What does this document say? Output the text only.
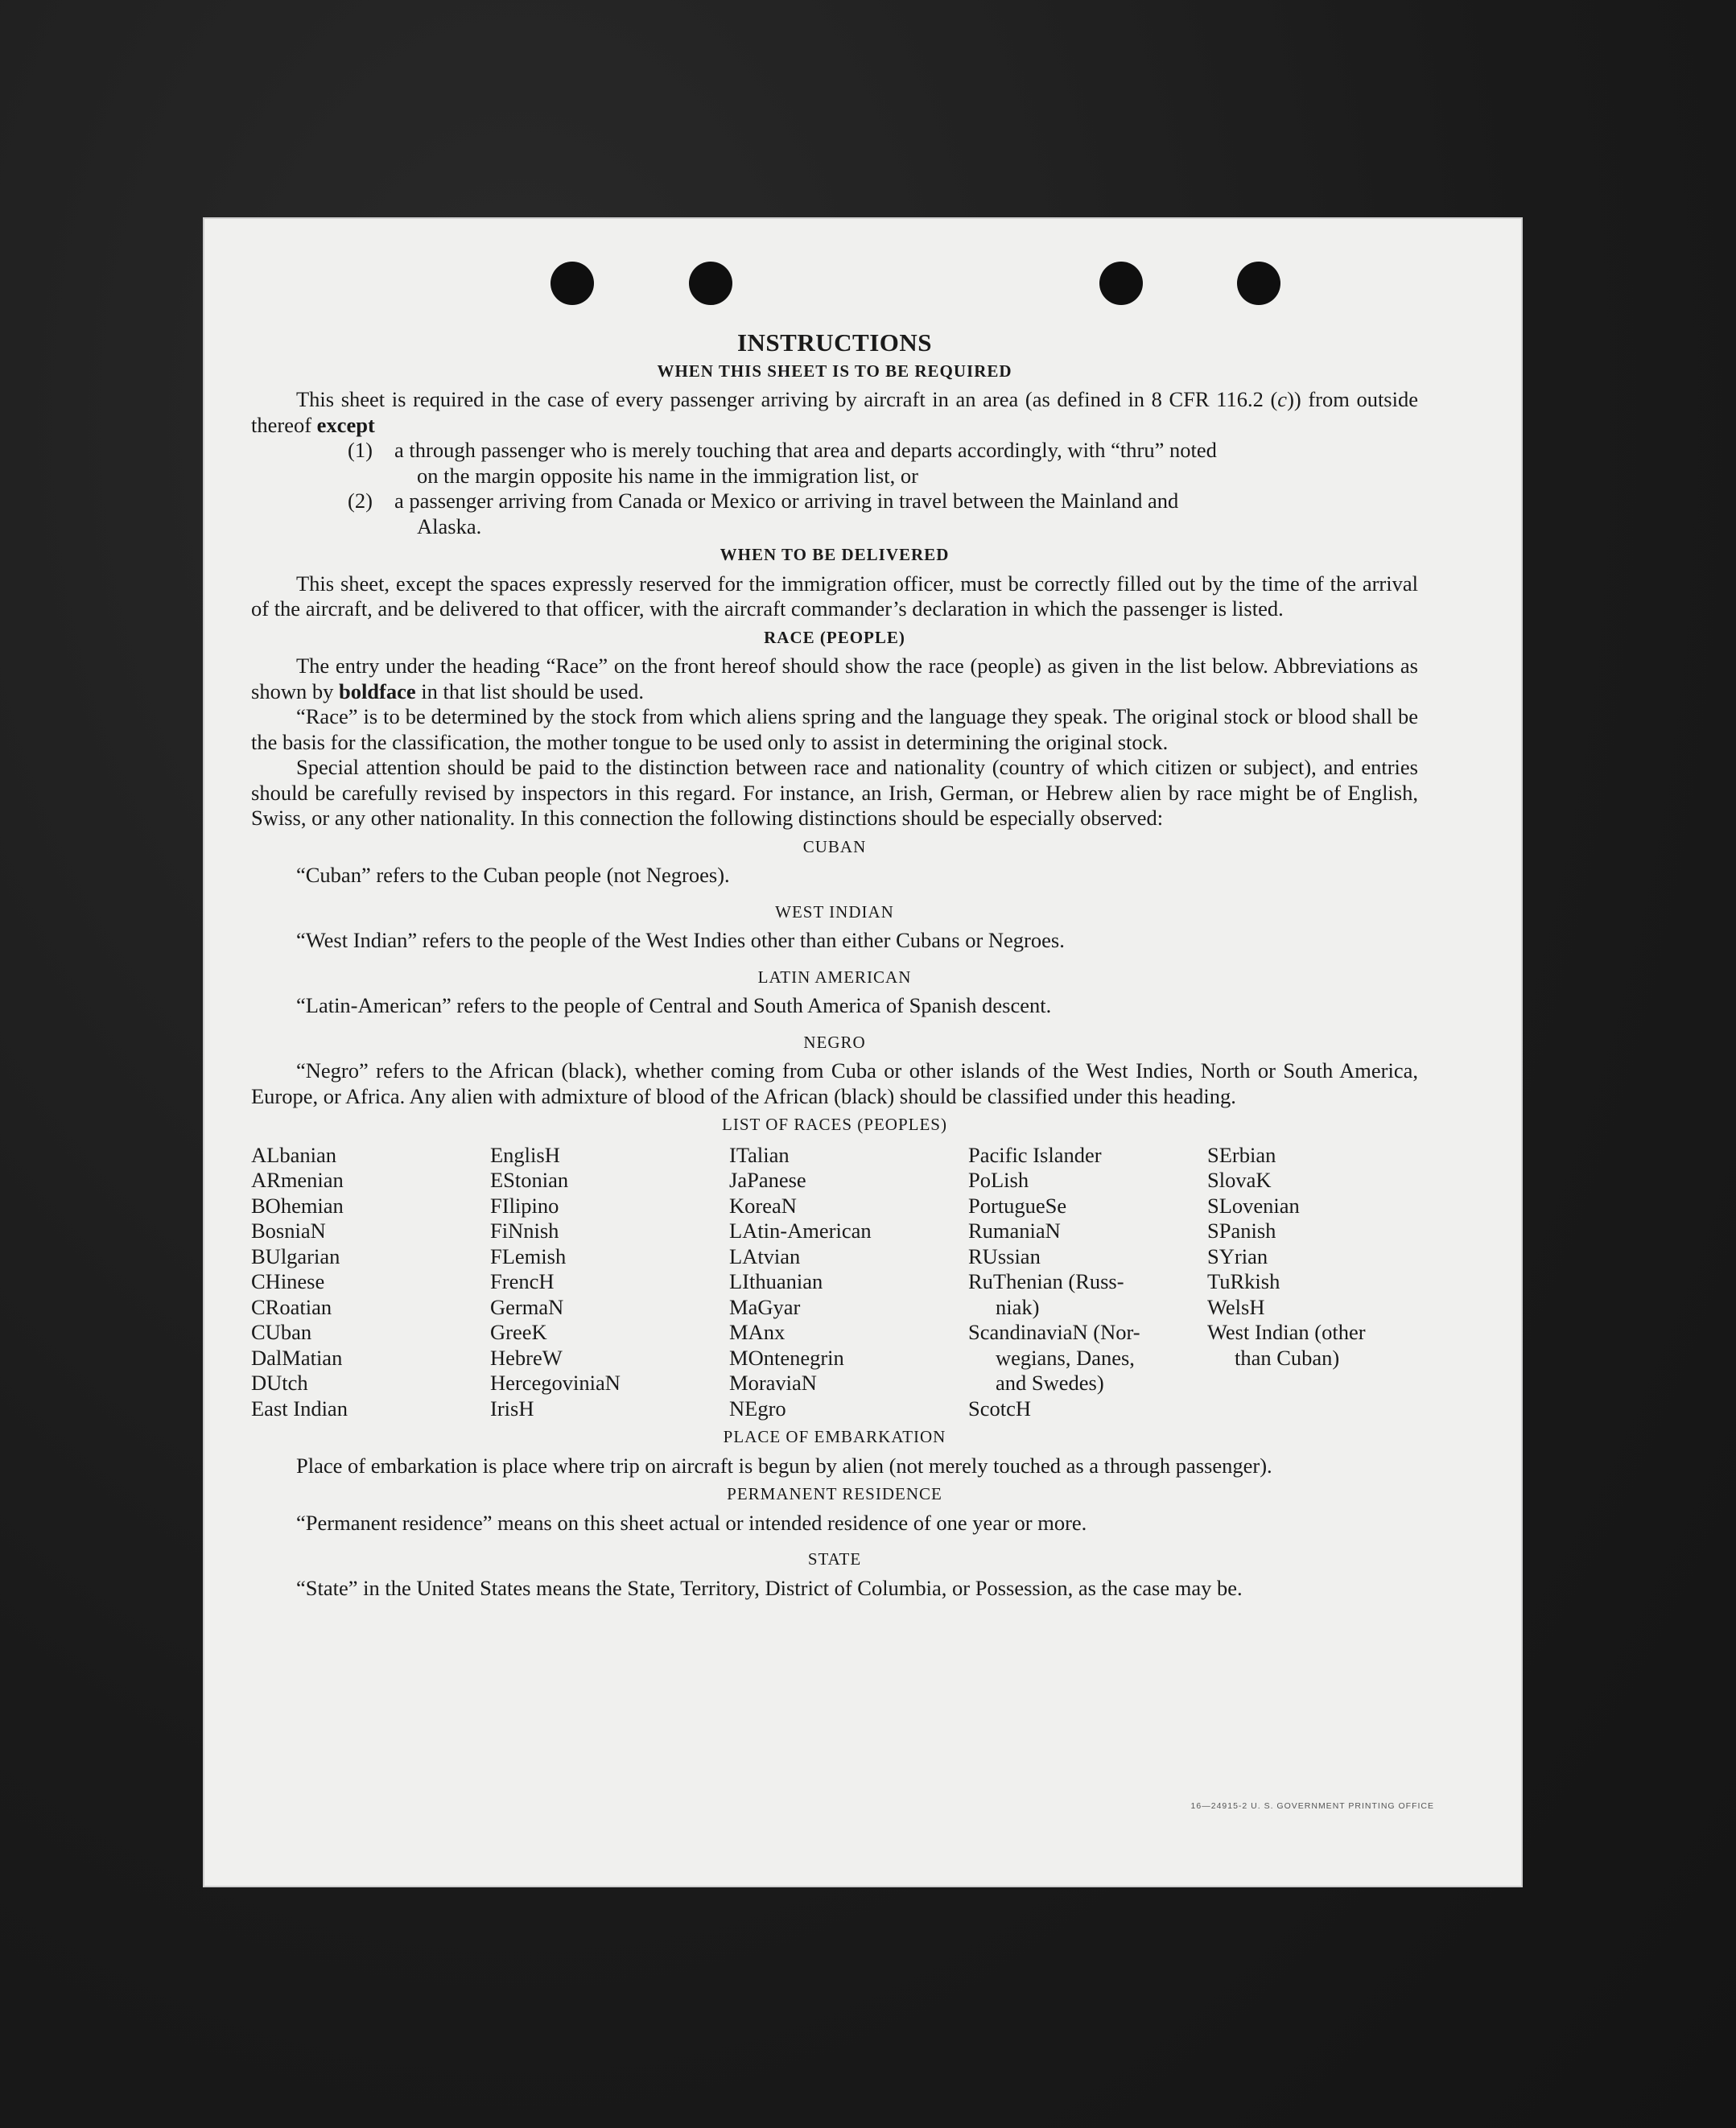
INSTRUCTIONS
WHEN THIS SHEET IS TO BE REQUIRED

This sheet is required in the case of every passenger arriving by aircraft in an area (as defined in 8 CFR 116.2 (c)) from outside thereof except

(1)	a through passenger who is merely touching that area and departs accordingly, with “thru” noted
on the margin opposite his name in the immigration list, or
(2)	a passenger arriving from Canada or Mexico or arriving in travel between the Mainland and
Alaska.
WHEN TO BE DELIVERED

This sheet, except the spaces expressly reserved for the immigration officer, must be correctly filled out by the time of the arrival of the aircraft, and be delivered to that officer, with the aircraft commander’s declaration in which the passenger is listed.

RACE (PEOPLE)

The entry under the heading “Race” on the front hereof should show the race (people) as given in the list below. Abbreviations as shown by boldface in that list should be used.

“Race” is to be determined by the stock from which aliens spring and the language they speak. The original stock or blood shall be the basis for the classification, the mother tongue to be used only to assist in determining the original stock.

Special attention should be paid to the distinction between race and nationality (country of which citizen or subject), and entries should be carefully revised by inspectors in this regard. For instance, an Irish, German, or Hebrew alien by race might be of English, Swiss, or any other nationality. In this connection the following distinctions should be especially observed:

CUBAN

“Cuban” refers to the Cuban people (not Negroes).

WEST INDIAN

“West Indian” refers to the people of the West Indies other than either Cubans or Negroes.

LATIN AMERICAN

“Latin-American” refers to the people of Central and South America of Spanish descent.

NEGRO

“Negro” refers to the African (black), whether coming from Cuba or other islands of the West Indies, North or South America, Europe, or Africa. Any alien with admixture of blood of the African (black) should be classified under this heading.

LIST OF RACES (PEOPLES)
ALbanian
ARmenian
BOhemian
BosniaN
BUlgarian
CHinese
CRoatian
CUban
DalMatian
DUtch
East Indian
EnglisH
EStonian
FIlipino
FiNnish
FLemish
FrencH
GermaN
GreeK
HebreW
HercegoviniaN
IrisH
ITalian
JaPanese
KoreaN
LAtin-American
LAtvian
LIthuanian
MaGyar
MAnx
MOntenegrin
MoraviaN
NEgro
Pacific Islander
PoLish
PortugueSe
RumaniaN
RUssian
RuThenian (Russ-
niak)
ScandinaviaN (Nor-
wegians, Danes,
and Swedes)
ScotcH
SErbian
SlovaK
SLovenian
SPanish
SYrian
TuRkish
WelsH
West Indian (other
than Cuban)
PLACE OF EMBARKATION

Place of embarkation is place where trip on aircraft is begun by alien (not merely touched as a through passenger).

PERMANENT RESIDENCE

“Permanent residence” means on this sheet actual or intended residence of one year or more.

STATE

“State” in the United States means the State, Territory, District of Columbia, or Possession, as the case may be.

16—24915-2 U. S. GOVERNMENT PRINTING OFFICE
